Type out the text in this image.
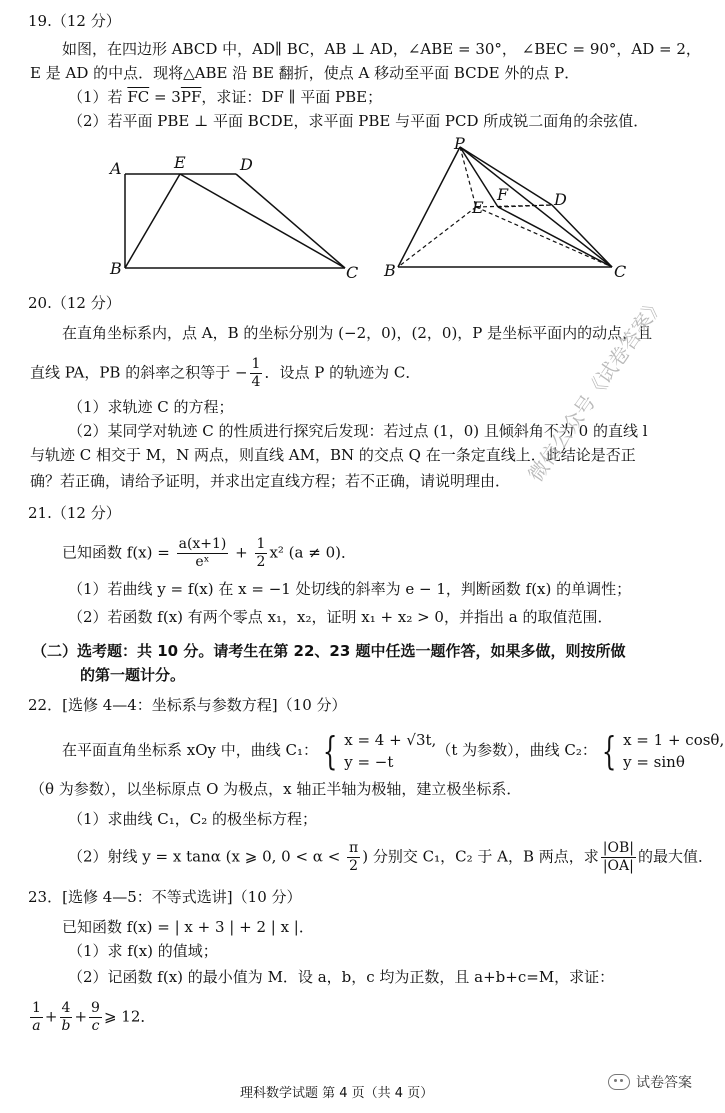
19.（12 分）
如图，在四边形 ABCD 中，AD∥ BC，AB ⊥ AD，∠ABE = 30°， ∠BEC = 90°，AD = 2，
E 是 AD 的中点．现将△ABE 沿 BE 翻折，使点 A 移动至平面 BCDE 外的点 P．
（1）若 $\overline{FC} = 3\overline{PF}$，求证：DF ∥ 平面 PBE；
（2）若平面 PBE ⊥ 平面 BCDE，求平面 PBE 与平面 PCD 所成锐二面角的余弦值．
A	E	D
B	C
P
F
E	D
B	C
20.（12 分）
在直角坐标系内，点 A，B 的坐标分别为 (−2，0)，(2，0)，P 是坐标平面内的动点，且
直线 PA，PB 的斜率之积等于 − $\frac{1}{4}$ ．设点 P 的轨迹为 C．
（1）求轨迹 C 的方程；
（2）某同学对轨迹 C 的性质进行探究后发现：若过点 (1，0) 且倾斜角不为 0 的直线 l
与轨迹 C 相交于 M，N 两点，则直线 AM，BN 的交点 Q 在一条定直线上．此结论是否正
确？若正确，请给予证明，并求出定直线方程；若不正确，请说明理由．
21.（12 分）
已知函数 $f(x) = \frac{a(x+1)}{\text{eˣ}} + \frac{1}{2} x^2$ (a ≠ 0)．
（1）若曲线 y = f(x) 在 x = −1 处切线的斜率为 e − 1，判断函数 f(x) 的单调性；
（2）若函数 f(x) 有两个零点 x₁，x₂，证明 x₁ + x₂ > 0，并指出 a 的取值范围．
（二）选考题：共 10 分。请考生在第 22、23 题中任选一题作答，如果多做，则按所做
的第一题计分。
22．[选修 4—4：坐标系与参数方程]（10 分）
在平面直角坐标系 xOy 中，曲线 C₁： { x = 4 + √3t,
y = −t
（t 为参数），曲线 C₂： { x = 1 + cosθ,
y = sinθ
（θ 为参数），以坐标原点 O 为极点，x 轴正半轴为极轴，建立极坐标系．
（1）求曲线 C₁，C₂ 的极坐标方程；
（2）射线 y = x tanα (x ⩾ 0, $0 < \alpha < \frac{\pi}{2}$ ) 分别交 C₁，C₂ 于 A，B 两点，求 $\frac{|OB|}{|OA|}$ 的最大值．
23．[选修 4—5：不等式选讲]（10 分）
已知函数 f(x) = | x + 3 | + 2 | x |．
（1）求 f(x) 的值域；
（2）记函数 f(x) 的最小值为 M．设 a，b，c 均为正数，且 a+b+c=M，求证：
$\frac{1}{a} + \frac{4}{b} + \frac{9}{c}$ ⩾ 12．
微信公众号《试卷答案》
理科数学试题 第 4 页（共 4 页）
试卷答案
